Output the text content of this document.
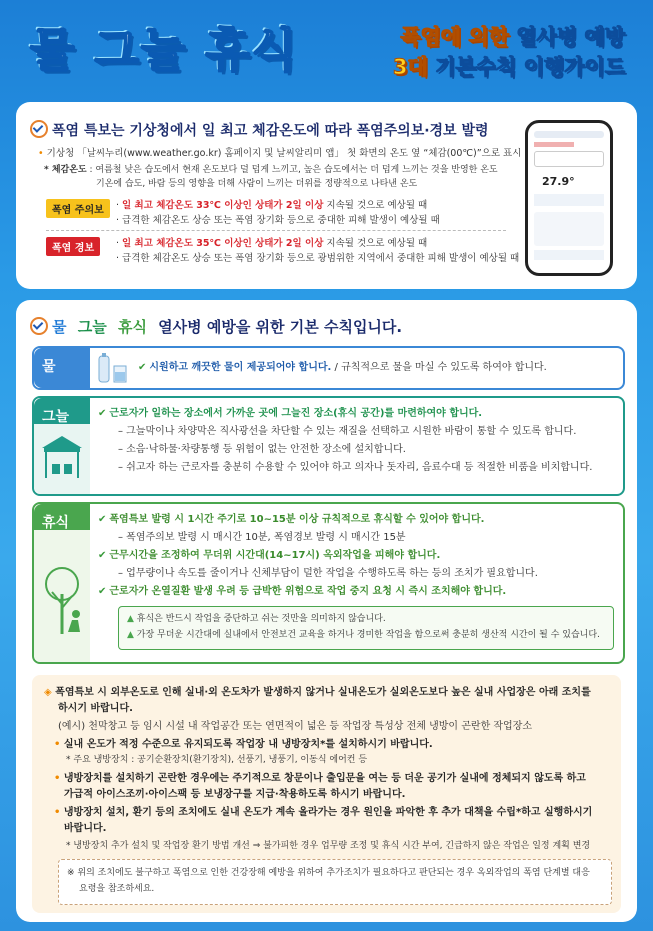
물 그늘 휴식	폭염에 의한 열사병 예방
3대 기본수칙 이행가이드
폭염 특보는 기상청에서 일 최고 체감온도에 따라 폭염주의보·경보 발령
• 기상청 「날씨누리(www.weather.go.kr) 홈페이지 및 날씨알리미 앱」 첫 화면의 온도 옆 “체감(00℃)”으로 표시
* 체감온도 : 여름철 낮은 습도에서 현재 온도보다 덜 덥게 느끼고, 높은 습도에서는 더 덥게 느끼는 것을 반영한 온도
기온에 습도, 바람 등의 영향을 더해 사람이 느끼는 더위를 정량적으로 나타낸 온도
폭염 주의보	· 일 최고 체감온도 33℃ 이상인 상태가 2일 이상 지속될 것으로 예상될 때
· 급격한 체감온도 상승 또는 폭염 장기화 등으로 중대한 피해 발생이 예상될 때
폭염 경보	· 일 최고 체감온도 35℃ 이상인 상태가 2일 이상 지속될 것으로 예상될 때
· 급격한 체감온도 상승 또는 폭염 장기화 등으로 광범위한 지역에서 중대한 피해 발생이 예상될 때
27.9°
물 그늘 휴식 열사병 예방을 위한 기본 수칙입니다.
물	✔ 시원하고 깨끗한 물이 제공되어야 합니다. / 규칙적으로 물을 마실 수 있도록 하여야 합니다.
그늘	✔ 근로자가 일하는 장소에서 가까운 곳에 그늘진 장소(휴식 공간)를 마련하여야 합니다.
– 그늘막이나 차양막은 직사광선을 차단할 수 있는 재질을 선택하고 시원한 바람이 통할 수 있도록 합니다.
– 소음·낙하물·차량통행 등 위험이 없는 안전한 장소에 설치합니다.
– 쉬고자 하는 근로자를 충분히 수용할 수 있어야 하고 의자나 돗자리, 음료수대 등 적절한 비품을 비치합니다.
휴식	✔ 폭염특보 발령 시 1시간 주기로 10~15분 이상 규칙적으로 휴식할 수 있어야 합니다.
– 폭염주의보 발령 시 매시간 10분, 폭염경보 발령 시 매시간 15분
✔ 근무시간을 조정하여 무더위 시간대(14~17시) 옥외작업을 피해야 합니다.
– 업무량이나 속도를 줄이거나 신체부담이 덜한 작업을 수행하도록 하는 등의 조치가 필요합니다.
✔ 근로자가 온열질환 발생 우려 등 급박한 위험으로 작업 중지 요청 시 즉시 조치해야 합니다.
▲ 휴식은 반드시 작업을 중단하고 쉬는 것만을 의미하지 않습니다.
▲ 가장 무더운 시간대에 실내에서 안전보건 교육을 하거나 경미한 작업을 함으로써 충분히 생산적 시간이 될 수 있습니다.
◈ 폭염특보 시 외부온도로 인해 실내·외 온도차가 발생하지 않거나 실내온도가 실외온도보다 높은 실내 사업장은 아래 조치를
하시기 바랍니다.
(예시) 천막창고 등 임시 시설 내 작업공간 또는 연면적이 넓은 등 작업장 특성상 전체 냉방이 곤란한 작업장소
• 실내 온도가 적정 수준으로 유지되도록 작업장 내 냉방장치*를 설치하시기 바랍니다.
* 주요 냉방장치 : 공기순환장치(환기장치), 선풍기, 냉풍기, 이동식 에어컨 등
• 냉방장치를 설치하기 곤란한 경우에는 주기적으로 창문이나 출입문을 여는 등 더운 공기가 실내에 정체되지 않도록 하고
가급적 아이스조끼·아이스팩 등 보냉장구를 지급·착용하도록 하시기 바랍니다.
• 냉방장치 설치, 환기 등의 조치에도 실내 온도가 계속 올라가는 경우 원인을 파악한 후 추가 대책을 수립*하고 실행하시기
바랍니다.
* 냉방장치 추가 설치 및 작업장 환기 방법 개선 ⇒ 불가피한 경우 업무량 조정 및 휴식 시간 부여, 긴급하지 않은 작업은 일정 계획 변경
※ 위의 조치에도 불구하고 폭염으로 인한 건강장해 예방을 위하여 추가조치가 필요하다고 판단되는 경우 옥외작업의 폭염 단계별 대응
요령을 참조하세요.
